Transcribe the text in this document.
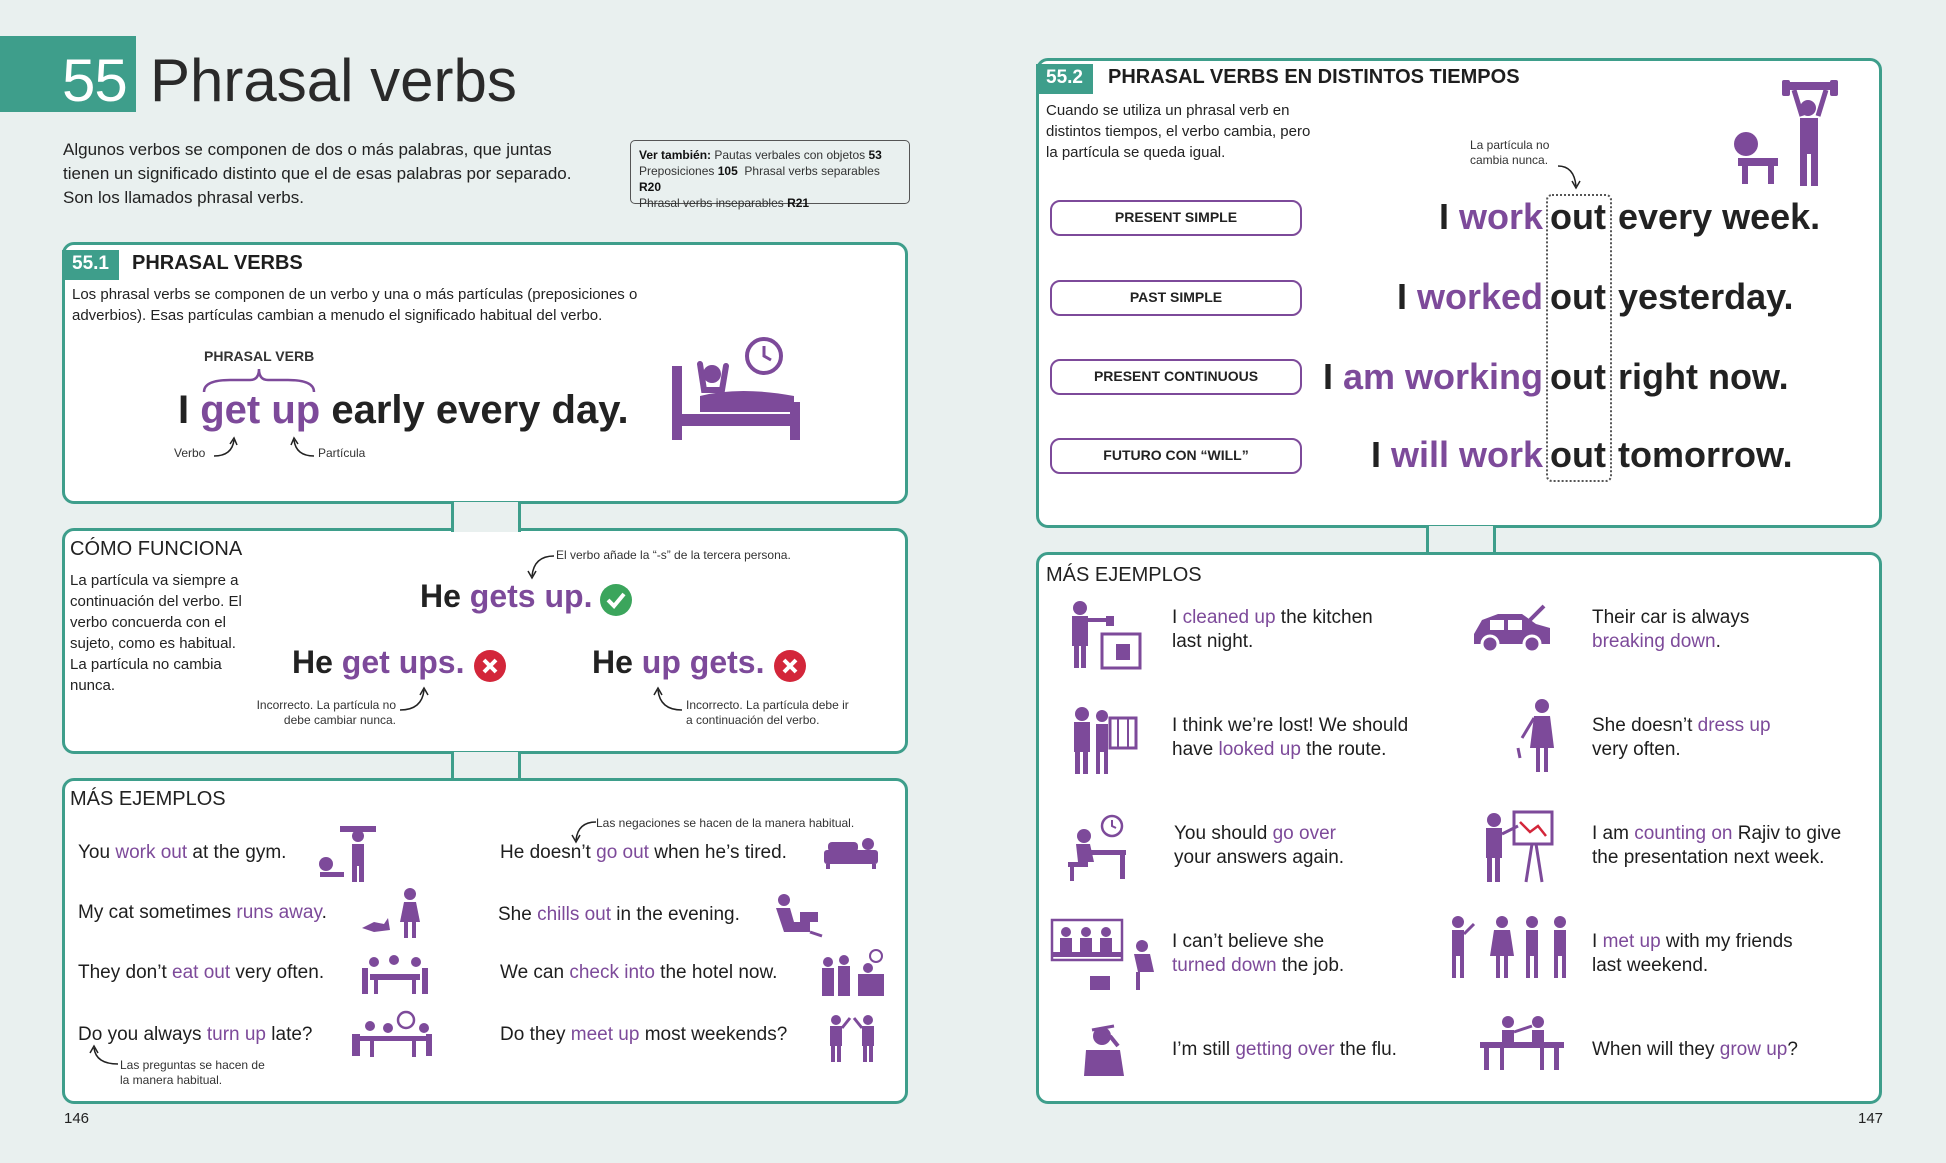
55 Phrasal verbs
Algunos verbos se componen de dos o más palabras, que juntas tienen un significado distinto que el de esas palabras por separado. Son los llamados phrasal verbs.
Ver también: Pautas verbales con objetos 53
Preposiciones 105 Phrasal verbs separables R20
Phrasal verbs inseparables R21
55.1	PHRASAL VERBS
Los phrasal verbs se componen de un verbo y una o más partículas (preposiciones o adverbios). Esas partículas cambian a menudo el significado habitual del verbo.
PHRASAL VERB
I get up early every day.
Verbo	Partícula
CÓMO FUNCIONA
La partícula va siempre a continuación del verbo. El verbo concuerda con el sujeto, como es habitual. La partícula no cambia nunca.
El verbo añade la “-s” de la tercera persona.
He gets up.
He get ups.	He up gets.
Incorrecto. La partícula no debe cambiar nunca.
Incorrecto. La partícula debe ir a continuación del verbo.
MÁS EJEMPLOS
You work out at the gym.
My cat sometimes runs away.
They don’t eat out very often.
Do you always turn up late?
Las preguntas se hacen de la manera habitual.
Las negaciones se hacen de la manera habitual.
He doesn’t go out when he’s tired.
She chills out in the evening.
We can check into the hotel now.
Do they meet up most weekends?
146
55.2	PHRASAL VERBS EN DISTINTOS TIEMPOS
Cuando se utiliza un phrasal verb en distintos tiempos, el verbo cambia, pero la partícula se queda igual.	La partícula no cambia nunca.
PRESENT SIMPLE
PAST SIMPLE
PRESENT CONTINUOUS
FUTURO CON “WILL”
I work out every week.
I worked out yesterday.
I am working out right now.
I will work out tomorrow.
MÁS EJEMPLOS
I cleaned up the kitchen
last night.
I think we’re lost! We should
have looked up the route.
You should go over
your answers again.
I can’t believe she
turned down the job.
I’m still getting over the flu.
Their car is always
breaking down.
She doesn’t dress up
very often.
I am counting on Rajiv to give
the presentation next week.
I met up with my friends
last weekend.
When will they grow up?
147
